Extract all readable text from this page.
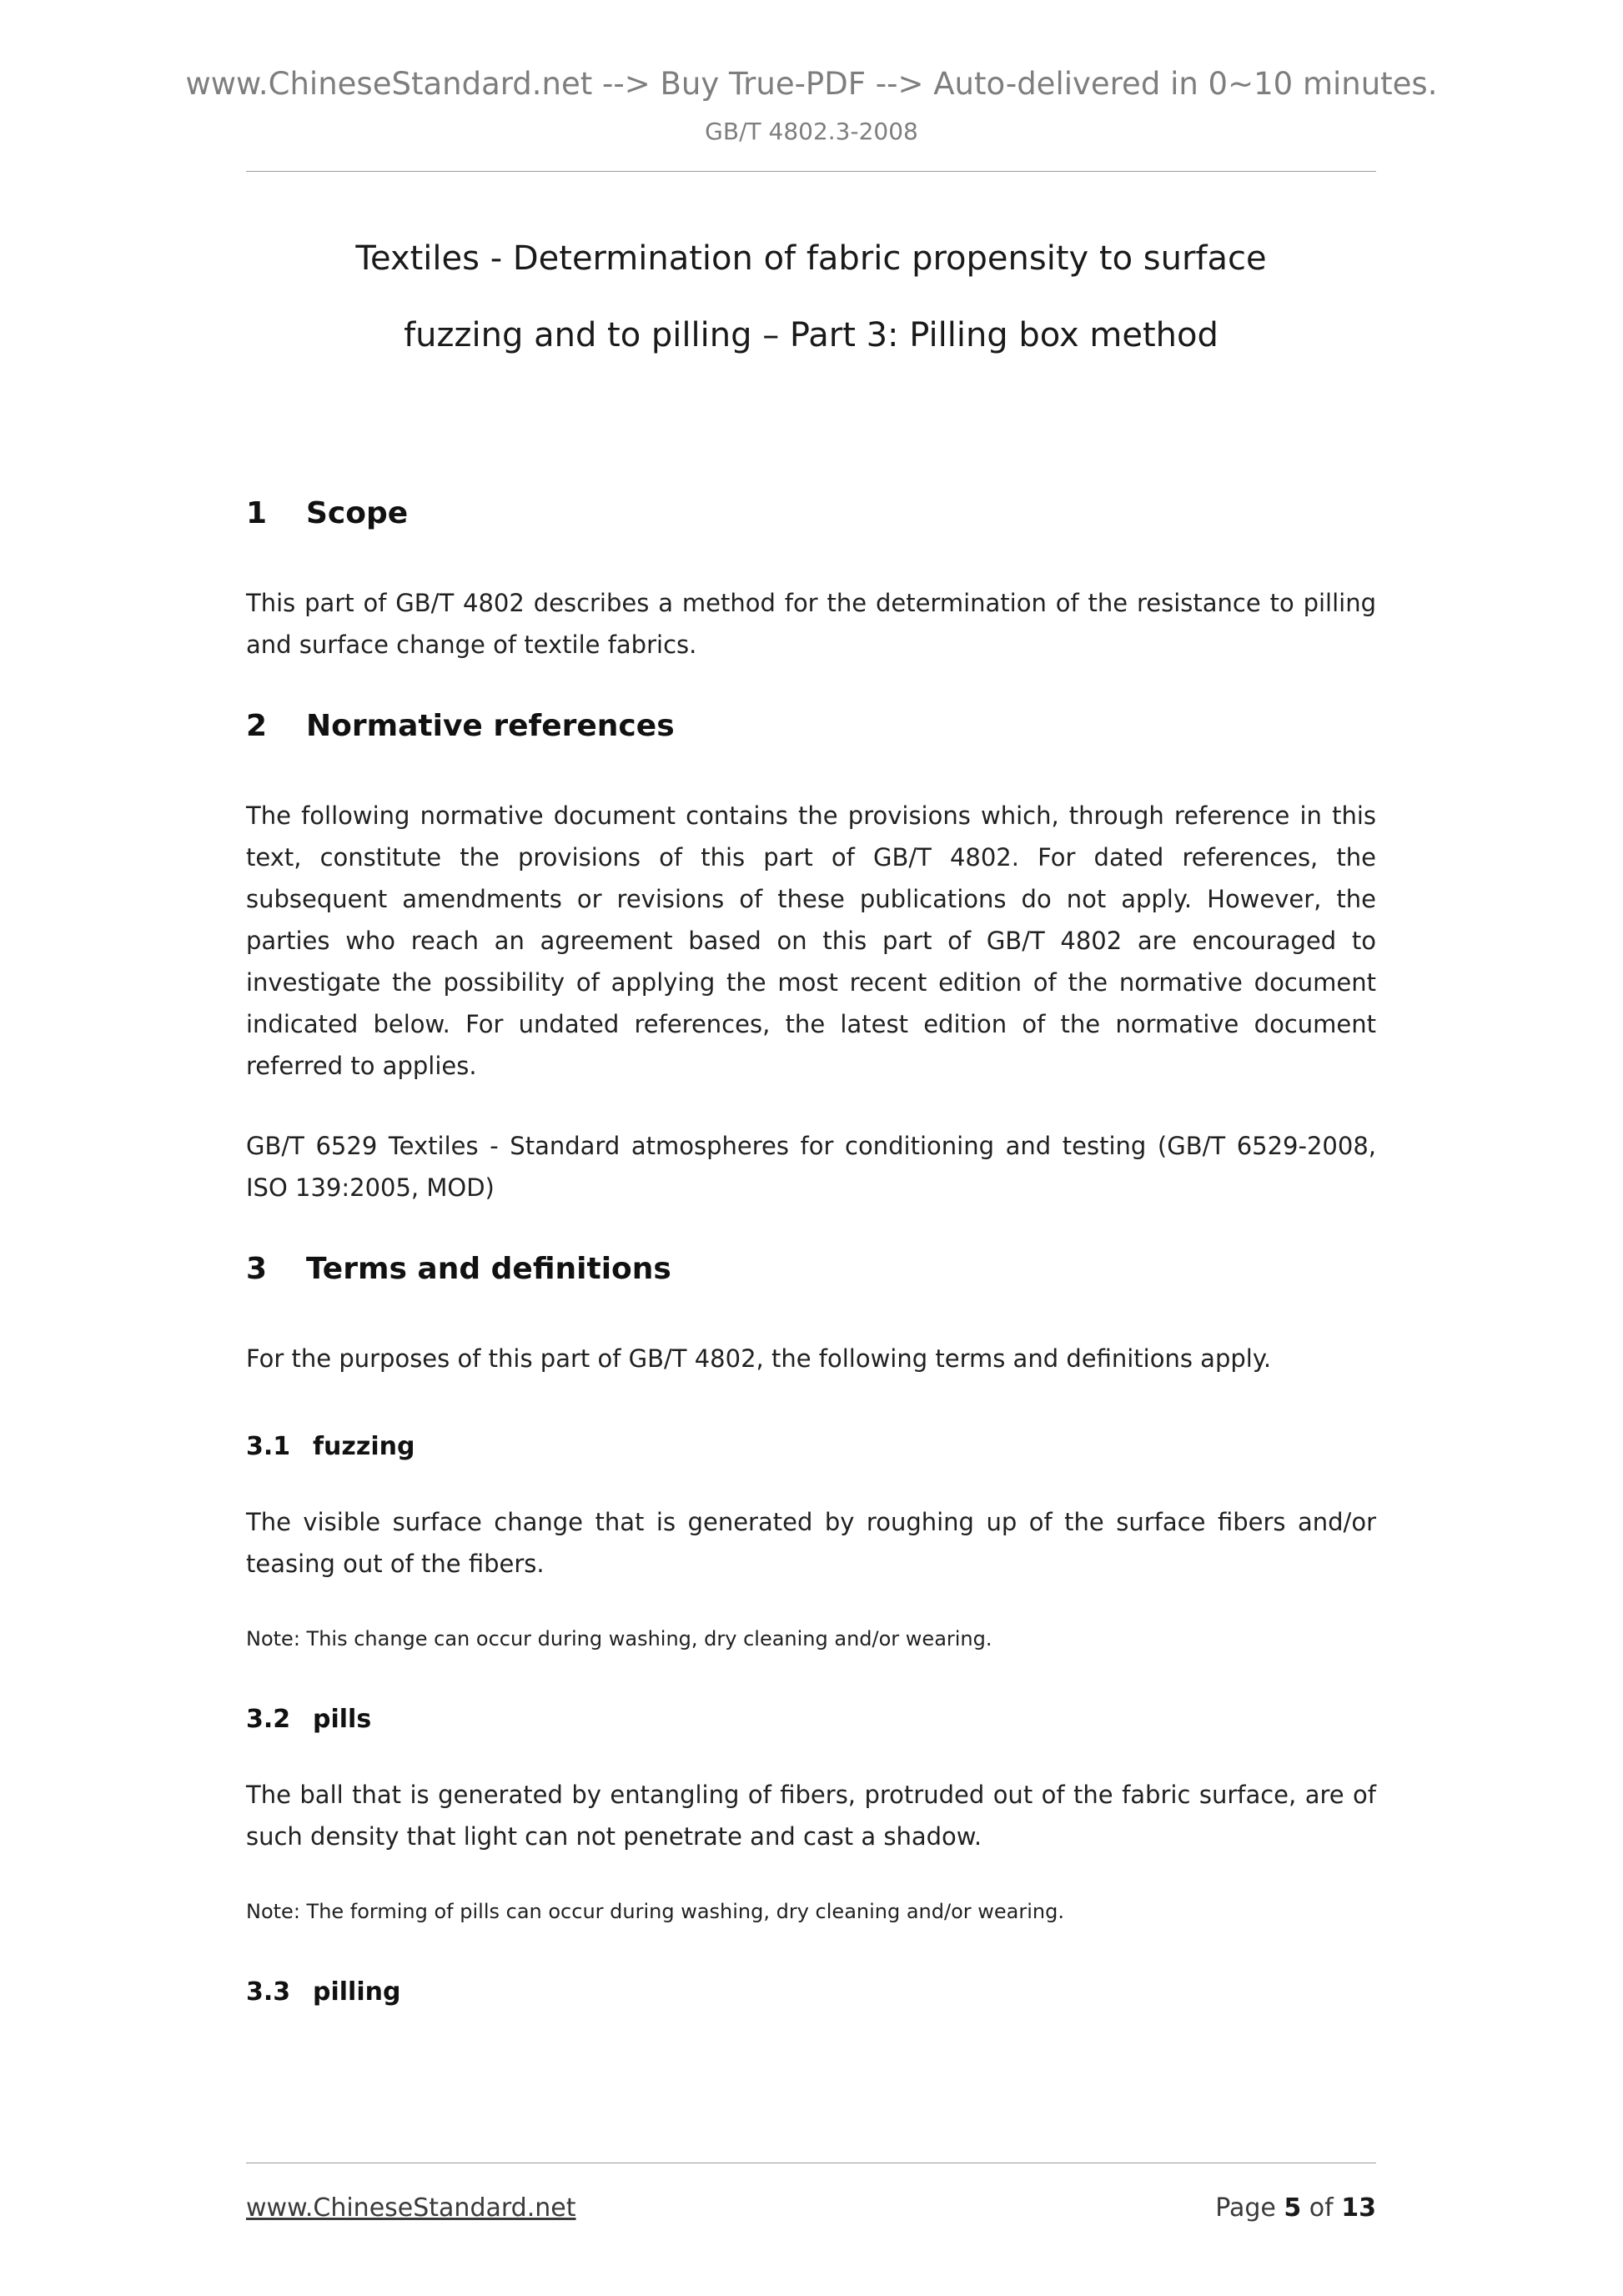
www.ChineseStandard.net --> Buy True-PDF --> Auto-delivered in 0~10 minutes.
GB/T 4802.3-2008
Textiles - Determination of fabric propensity to surface
fuzzing and to pilling – Part 3: Pilling box method
1 Scope

This part of GB/T 4802 describes a method for the determination of the resistance to pilling and surface change of textile fabrics.

2 Normative references

The following normative document contains the provisions which, through reference in this text, constitute the provisions of this part of GB/T 4802. For dated references, the subsequent amendments or revisions of these publications do not apply. However, the parties who reach an agreement based on this part of GB/T 4802 are encouraged to investigate the possibility of applying the most recent edition of the normative document indicated below. For undated references, the latest edition of the normative document referred to applies.

GB/T 6529 Textiles - Standard atmospheres for conditioning and testing (GB/T 6529-2008, ISO 139:2005, MOD)

3 Terms and definitions

For the purposes of this part of GB/T 4802, the following terms and definitions apply.

3.1 fuzzing

The visible surface change that is generated by roughing up of the surface fibers and/or teasing out of the fibers.

Note: This change can occur during washing, dry cleaning and/or wearing.

3.2 pills

The ball that is generated by entangling of fibers, protruded out of the fabric surface, are of such density that light can not penetrate and cast a shadow.

Note: The forming of pills can occur during washing, dry cleaning and/or wearing.

3.3 pilling
www.ChineseStandard.net	Page 5 of 13
